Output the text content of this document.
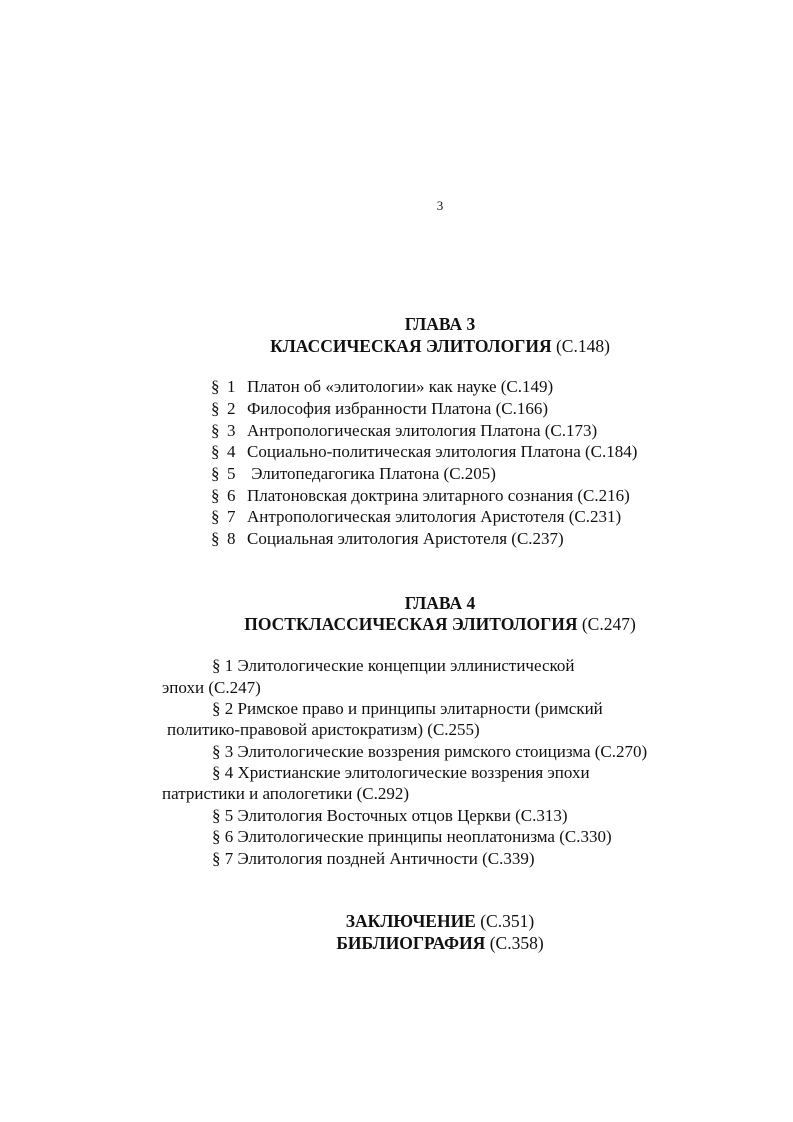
3
ГЛАВА 3
КЛАССИЧЕСКАЯ ЭЛИТОЛОГИЯ (С.148)
§ 1 Платон об «элитологии» как науке (С.149)
§ 2 Философия избранности Платона (С.166)
§ 3 Антропологическая элитология Платона (С.173)
§ 4 Социально-политическая элитология Платона (С.184)
§ 5 Элитопедагогика Платона (С.205)
§ 6 Платоновская доктрина элитарного сознания (С.216)
§ 7 Антропологическая элитология Аристотеля (С.231)
§ 8 Социальная элитология Аристотеля (С.237)
ГЛАВА 4
ПОСТКЛАССИЧЕСКАЯ ЭЛИТОЛОГИЯ (С.247)
§ 1 Элитологические концепции эллинистической
эпохи (С.247)
§ 2 Римское право и принципы элитарности (римский
политико-правовой аристократизм) (С.255)
§ 3 Элитологические воззрения римского стоицизма (С.270)
§ 4 Христианские элитологические воззрения эпохи
патристики и апологетики (С.292)
§ 5 Элитология Восточных отцов Церкви (С.313)
§ 6 Элитологические принципы неоплатонизма (С.330)
§ 7 Элитология поздней Античности (С.339)
ЗАКЛЮЧЕНИЕ (С.351)
БИБЛИОГРАФИЯ (С.358)
